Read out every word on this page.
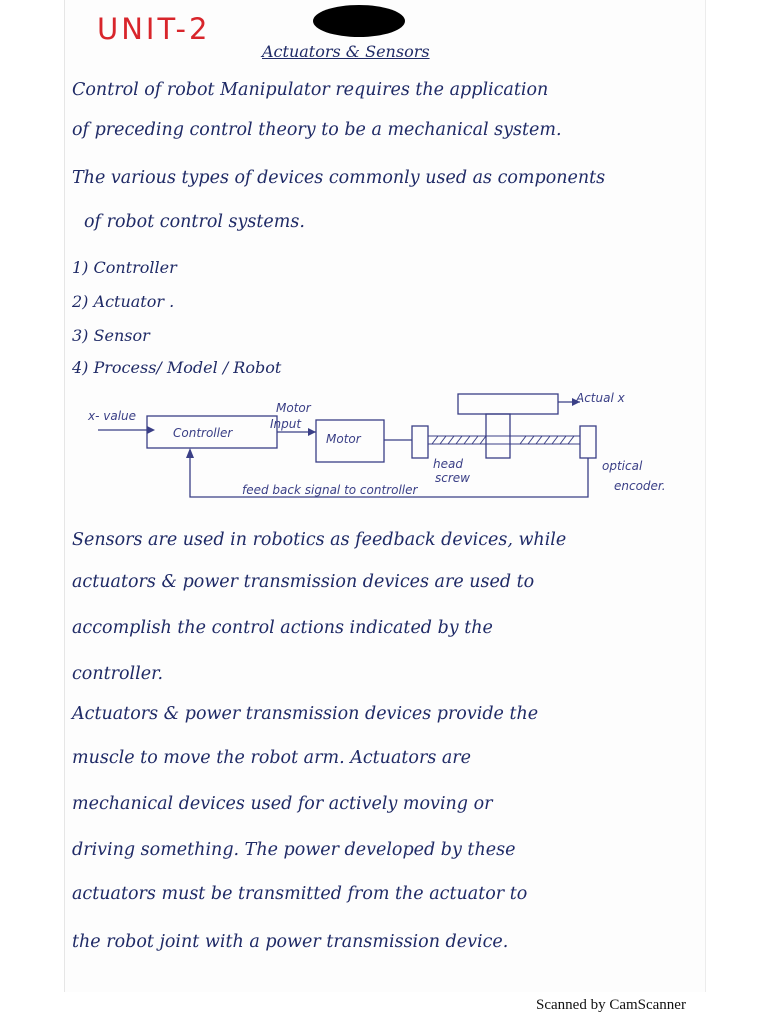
UNIT-2
Actuators & Sensors
Control of robot Manipulator requires the application
of preceding control theory to be a mechanical system.
The various types of devices commonly used as components
of robot control systems.
1) Controller
2) Actuator .
3) Sensor
4) Process/ Model / Robot
x- value
Controller
Motor
Input
Motor
head
screw
Actual x
optical
encoder.
feed back signal to controller
Sensors are used in robotics as feedback devices, while
actuators & power transmission devices are used to
accomplish the control actions indicated by the
controller.
Actuators & power transmission devices provide the
muscle to move the robot arm. Actuators are
mechanical devices used for actively moving or
driving something. The power developed by these
actuators must be transmitted from the actuator to
the robot joint with a power transmission device.
Scanned by CamScanner
